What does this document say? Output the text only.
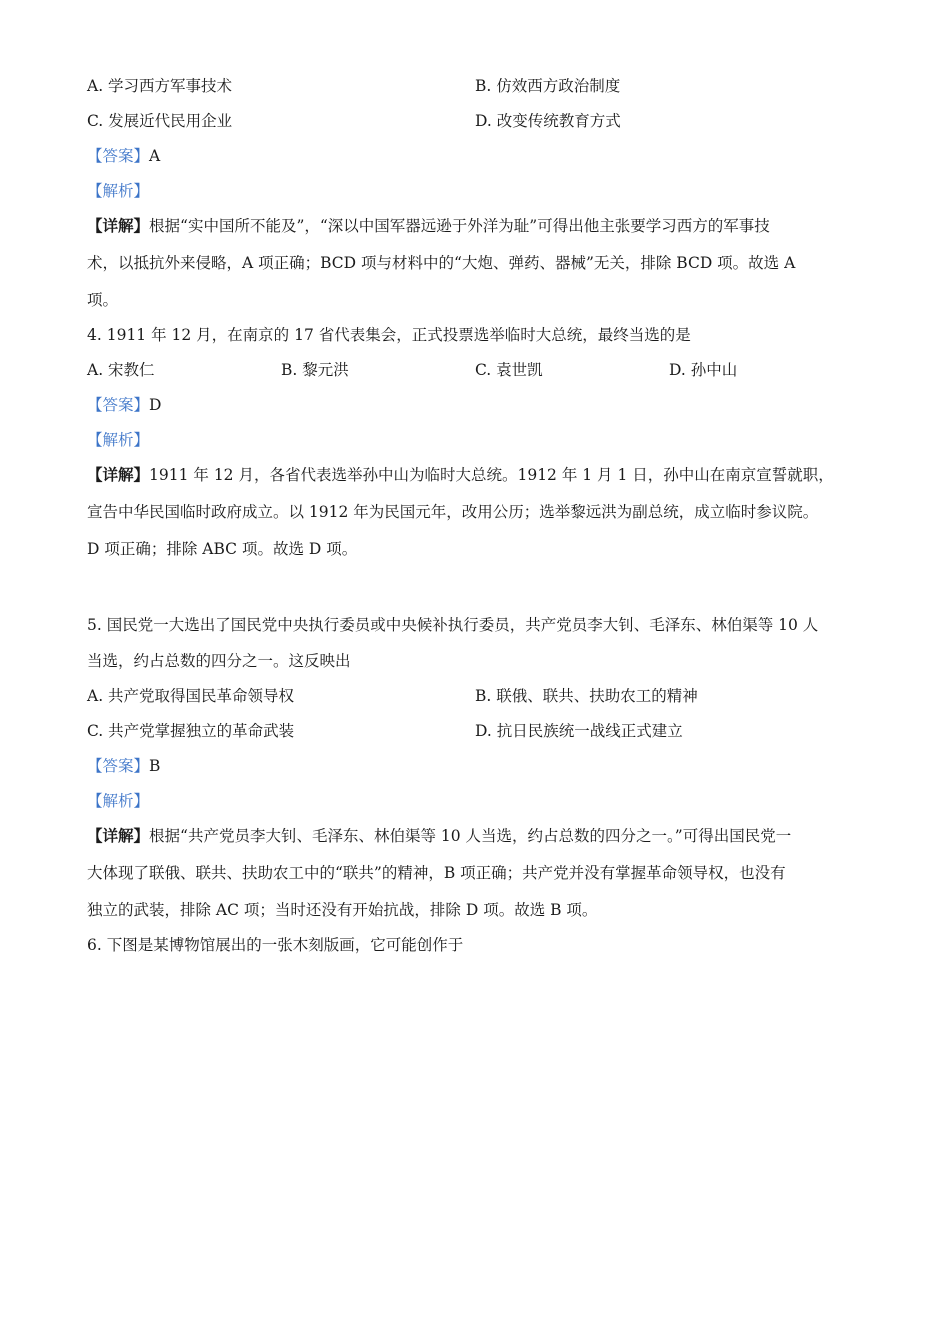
A. 学习西方军事技术	B. 仿效西方政治制度
C. 发展近代民用企业	D. 改变传统教育方式
【答案】A
【解析】
【详解】根据“实中国所不能及”，“深以中国军器远逊于外洋为耻”可得出他主张要学习西方的军事技
术，以抵抗外来侵略，A 项正确；BCD 项与材料中的“大炮、弹药、器械”无关，排除 BCD 项。故选 A
项。
4. 1911 年 12 月，在南京的 17 省代表集会，正式投票选举临时大总统，最终当选的是
A. 宋教仁	B. 黎元洪	C. 袁世凯	D. 孙中山
【答案】D
【解析】
【详解】1911 年 12 月，各省代表选举孙中山为临时大总统。1912 年 1 月 1 日，孙中山在南京宣誓就职，
宣告中华民国临时政府成立。以 1912 年为民国元年，改用公历；选举黎远洪为副总统，成立临时参议院。
D 项正确；排除 ABC 项。故选 D 项。
5. 国民党一大选出了国民党中央执行委员或中央候补执行委员，共产党员李大钊、毛泽东、林伯渠等 10 人
当选，约占总数的四分之一。这反映出
A. 共产党取得国民革命领导权	B. 联俄、联共、扶助农工的精神
C. 共产党掌握独立的革命武装	D. 抗日民族统一战线正式建立
【答案】B
【解析】
【详解】根据“共产党员李大钊、毛泽东、林伯渠等 10 人当选，约占总数的四分之一。”可得出国民党一
大体现了联俄、联共、扶助农工中的“联共”的精神，B 项正确；共产党并没有掌握革命领导权，也没有
独立的武装，排除 AC 项；当时还没有开始抗战，排除 D 项。故选 B 项。
6. 下图是某博物馆展出的一张木刻版画，它可能创作于
